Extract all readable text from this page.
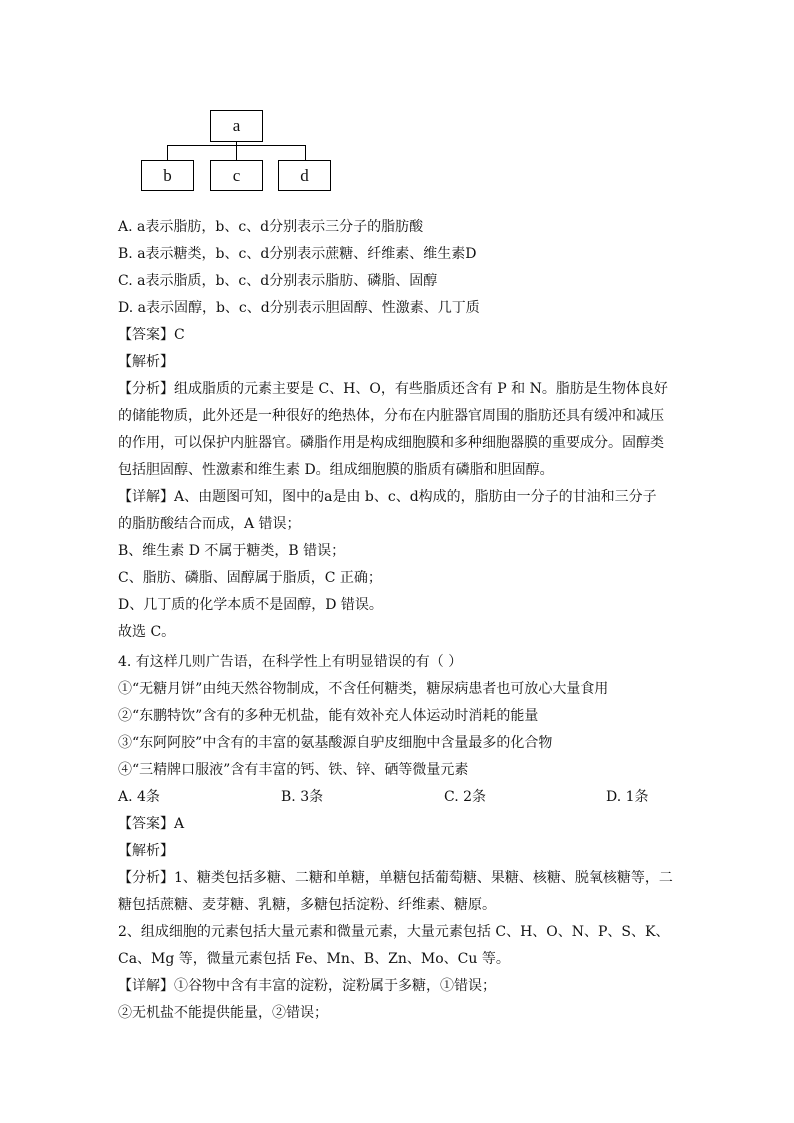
a
b	c	d
A. a表示脂肪，b、c、d分别表示三分子的脂肪酸
B. a表示糖类，b、c、d分别表示蔗糖、纤维素、维生素D
C. a表示脂质，b、c、d分别表示脂肪、磷脂、固醇
D. a表示固醇，b、c、d分别表示胆固醇、性激素、几丁质
【答案】C
【解析】
【分析】组成脂质的元素主要是 C、H、O，有些脂质还含有 P 和 N。脂肪是生物体良好
的储能物质，此外还是一种很好的绝热体，分布在内脏器官周围的脂肪还具有缓冲和减压
的作用，可以保护内脏器官。磷脂作用是构成细胞膜和多种细胞器膜的重要成分。固醇类
包括胆固醇、性激素和维生素 D。组成细胞膜的脂质有磷脂和胆固醇。
【详解】A、由题图可知，图中的a是由 b、c、d构成的，脂肪由一分子的甘油和三分子
的脂肪酸结合而成，A 错误；
B、维生素 D 不属于糖类，B 错误；
C、脂肪、磷脂、固醇属于脂质，C 正确；
D、几丁质的化学本质不是固醇，D 错误。
故选 C。
4. 有这样几则广告语，在科学性上有明显错误的有（ ）
①“无糖月饼”由纯天然谷物制成，不含任何糖类，糖尿病患者也可放心大量食用
②“东鹏特饮”含有的多种无机盐，能有效补充人体运动时消耗的能量
③“东阿阿胶”中含有的丰富的氨基酸源自驴皮细胞中含量最多的化合物
④“三精牌口服液”含有丰富的钙、铁、锌、硒等微量元素
A. 4条	B. 3条	C. 2条	D. 1条
【答案】A
【解析】
【分析】1、糖类包括多糖、二糖和单糖，单糖包括葡萄糖、果糖、核糖、脱氧核糖等，二
糖包括蔗糖、麦芽糖、乳糖，多糖包括淀粉、纤维素、糖原。
2、组成细胞的元素包括大量元素和微量元素，大量元素包括 C、H、O、N、P、S、K、
Ca、Mg 等，微量元素包括 Fe、Mn、B、Zn、Mo、Cu 等。
【详解】①谷物中含有丰富的淀粉，淀粉属于多糖，①错误；
②无机盐不能提供能量，②错误；
